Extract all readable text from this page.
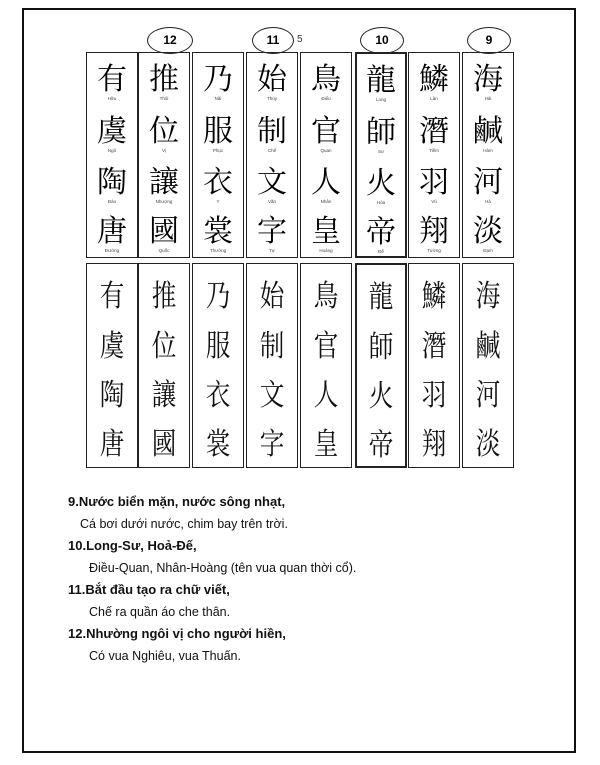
12	11	5	10	9
有
Hữu
虞
Ngô
陶
Đào
唐
Đường
推
Thôi
位
Vị
讓
Nhượng
國
Quốc
乃
Nãi
服
Phục
衣
Y
裳
Thường
始
Thủy
制
Chế
文
Văn
字
Tự
鳥
Điểu
官
Quan
人
Nhân
皇
Hoàng
龍
Long
師
Sư
火
Hỏa
帝
Đế
鱗
Lân
潛
Tiềm
羽
Vũ
翔
Tường
海
Hải
鹹
Hàm
河
Hà
淡
Đạm
有
虞
陶
唐
推
位
讓
國
乃
服
衣
裳
始
制
文
字
鳥
官
人
皇
龍
師
火
帝
鱗
潛
羽
翔
海
鹹
河
淡
9.Nước biển mặn, nước sông nhạt,
Cá bơi dưới nước, chim bay trên trời.
10.Long-Sư, Hoả-Đế,
Điều-Quan, Nhân-Hoàng (tên vua quan thời cổ).
11.Bắt đầu tạo ra chữ viết,
Chế ra quần áo che thân.
12.Nhường ngôi vị cho người hiền,
Có vua Nghiêu, vua Thuấn.
